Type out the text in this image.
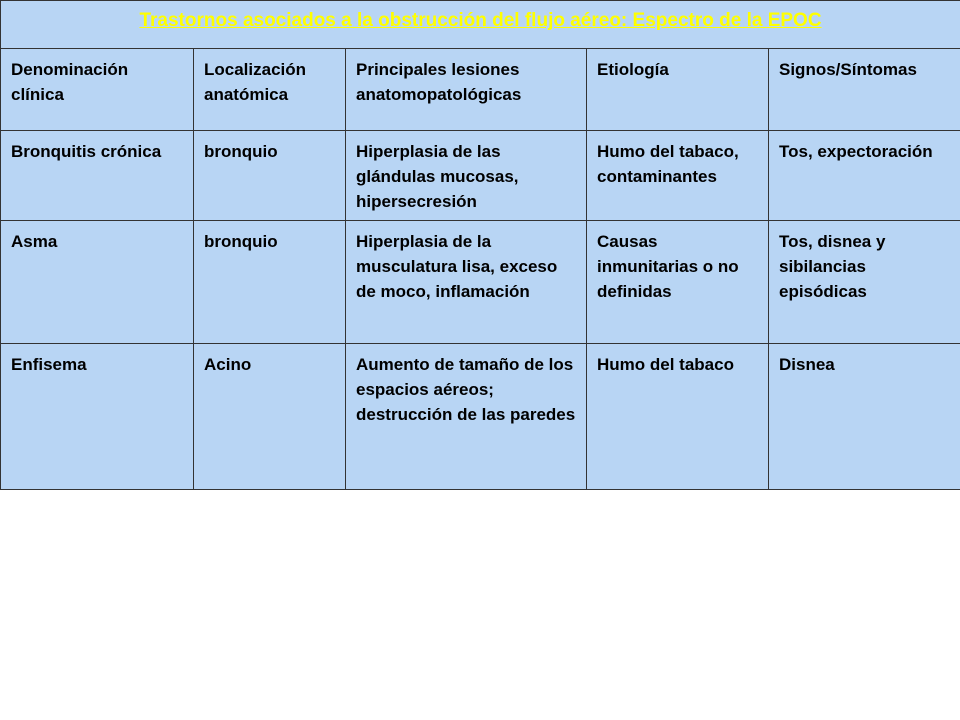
Trastornos asociados a la obstrucción del flujo aéreo: Espectro de la EPOC				
Denominación clínica	Localización anatómica	Principales lesiones anatomopatológicas	Etiología	Signos/Síntomas
Bronquitis crónica	bronquio	Hiperplasia de las glándulas mucosas, hipersecresión	Humo del tabaco, contaminantes	Tos, expectoración
Asma	bronquio	Hiperplasia de la musculatura lisa, exceso de moco, inflamación	Causas inmunitarias o no definidas	Tos, disnea y sibilancias episódicas
Enfisema	Acino	Aumento de tamaño de los espacios aéreos; destrucción de las paredes	Humo del tabaco	Disnea
